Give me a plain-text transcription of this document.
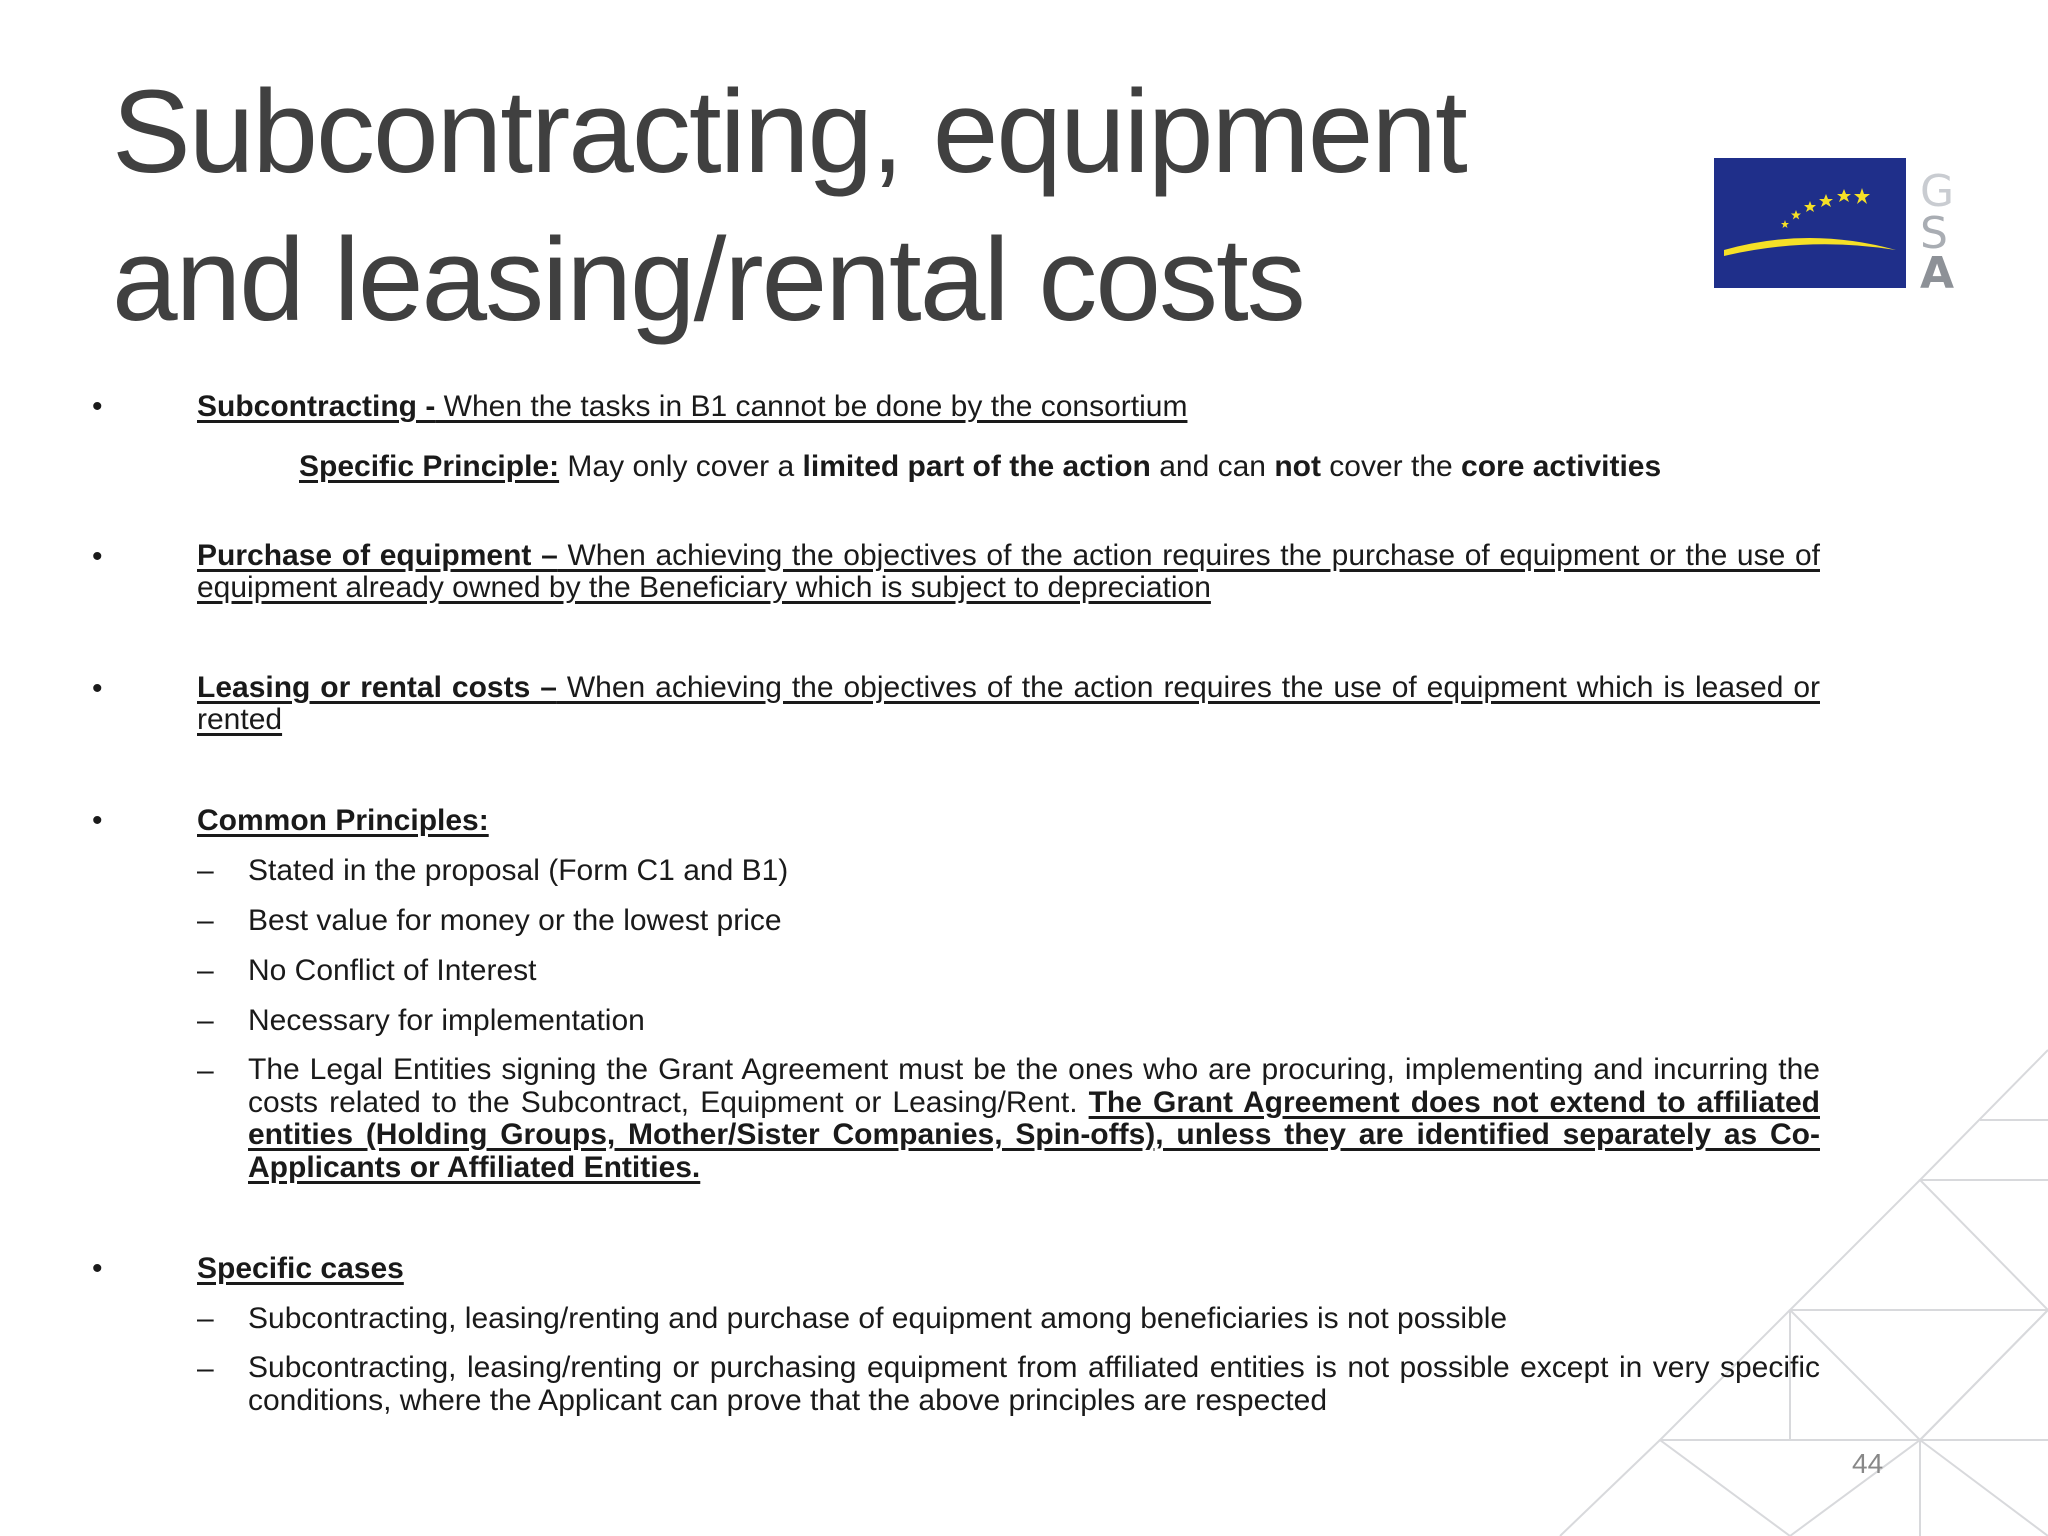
Subcontracting, equipment
and leasing/rental costs
G
S
A
•	Subcontracting - When the tasks in B1 cannot be done by the consortium
Specific Principle: May only cover a limited part of the action and can not cover the core activities
•	Purchase of equipment – When achieving the objectives of the action requires the purchase of equipment or the use of equipment already owned by the Beneficiary which is subject to depreciation
•	Leasing or rental costs – When achieving the objectives of the action requires the use of equipment which is leased or rented
•	Common Principles:
– Stated in the proposal (Form C1 and B1)
– Best value for money or the lowest price
– No Conflict of Interest
– Necessary for implementation
– The Legal Entities signing the Grant Agreement must be the ones who are procuring, implementing and incurring the costs related to the Subcontract, Equipment or Leasing/Rent. The Grant Agreement does not extend to affiliated entities (Holding Groups, Mother/Sister Companies, Spin-offs), unless they are identified separately as Co-Applicants or Affiliated Entities.
•	Specific cases
– Subcontracting, leasing/renting and purchase of equipment among beneficiaries is not possible
– Subcontracting, leasing/renting or purchasing equipment from affiliated entities is not possible except in very specific conditions, where the Applicant can prove that the above principles are respected
44
